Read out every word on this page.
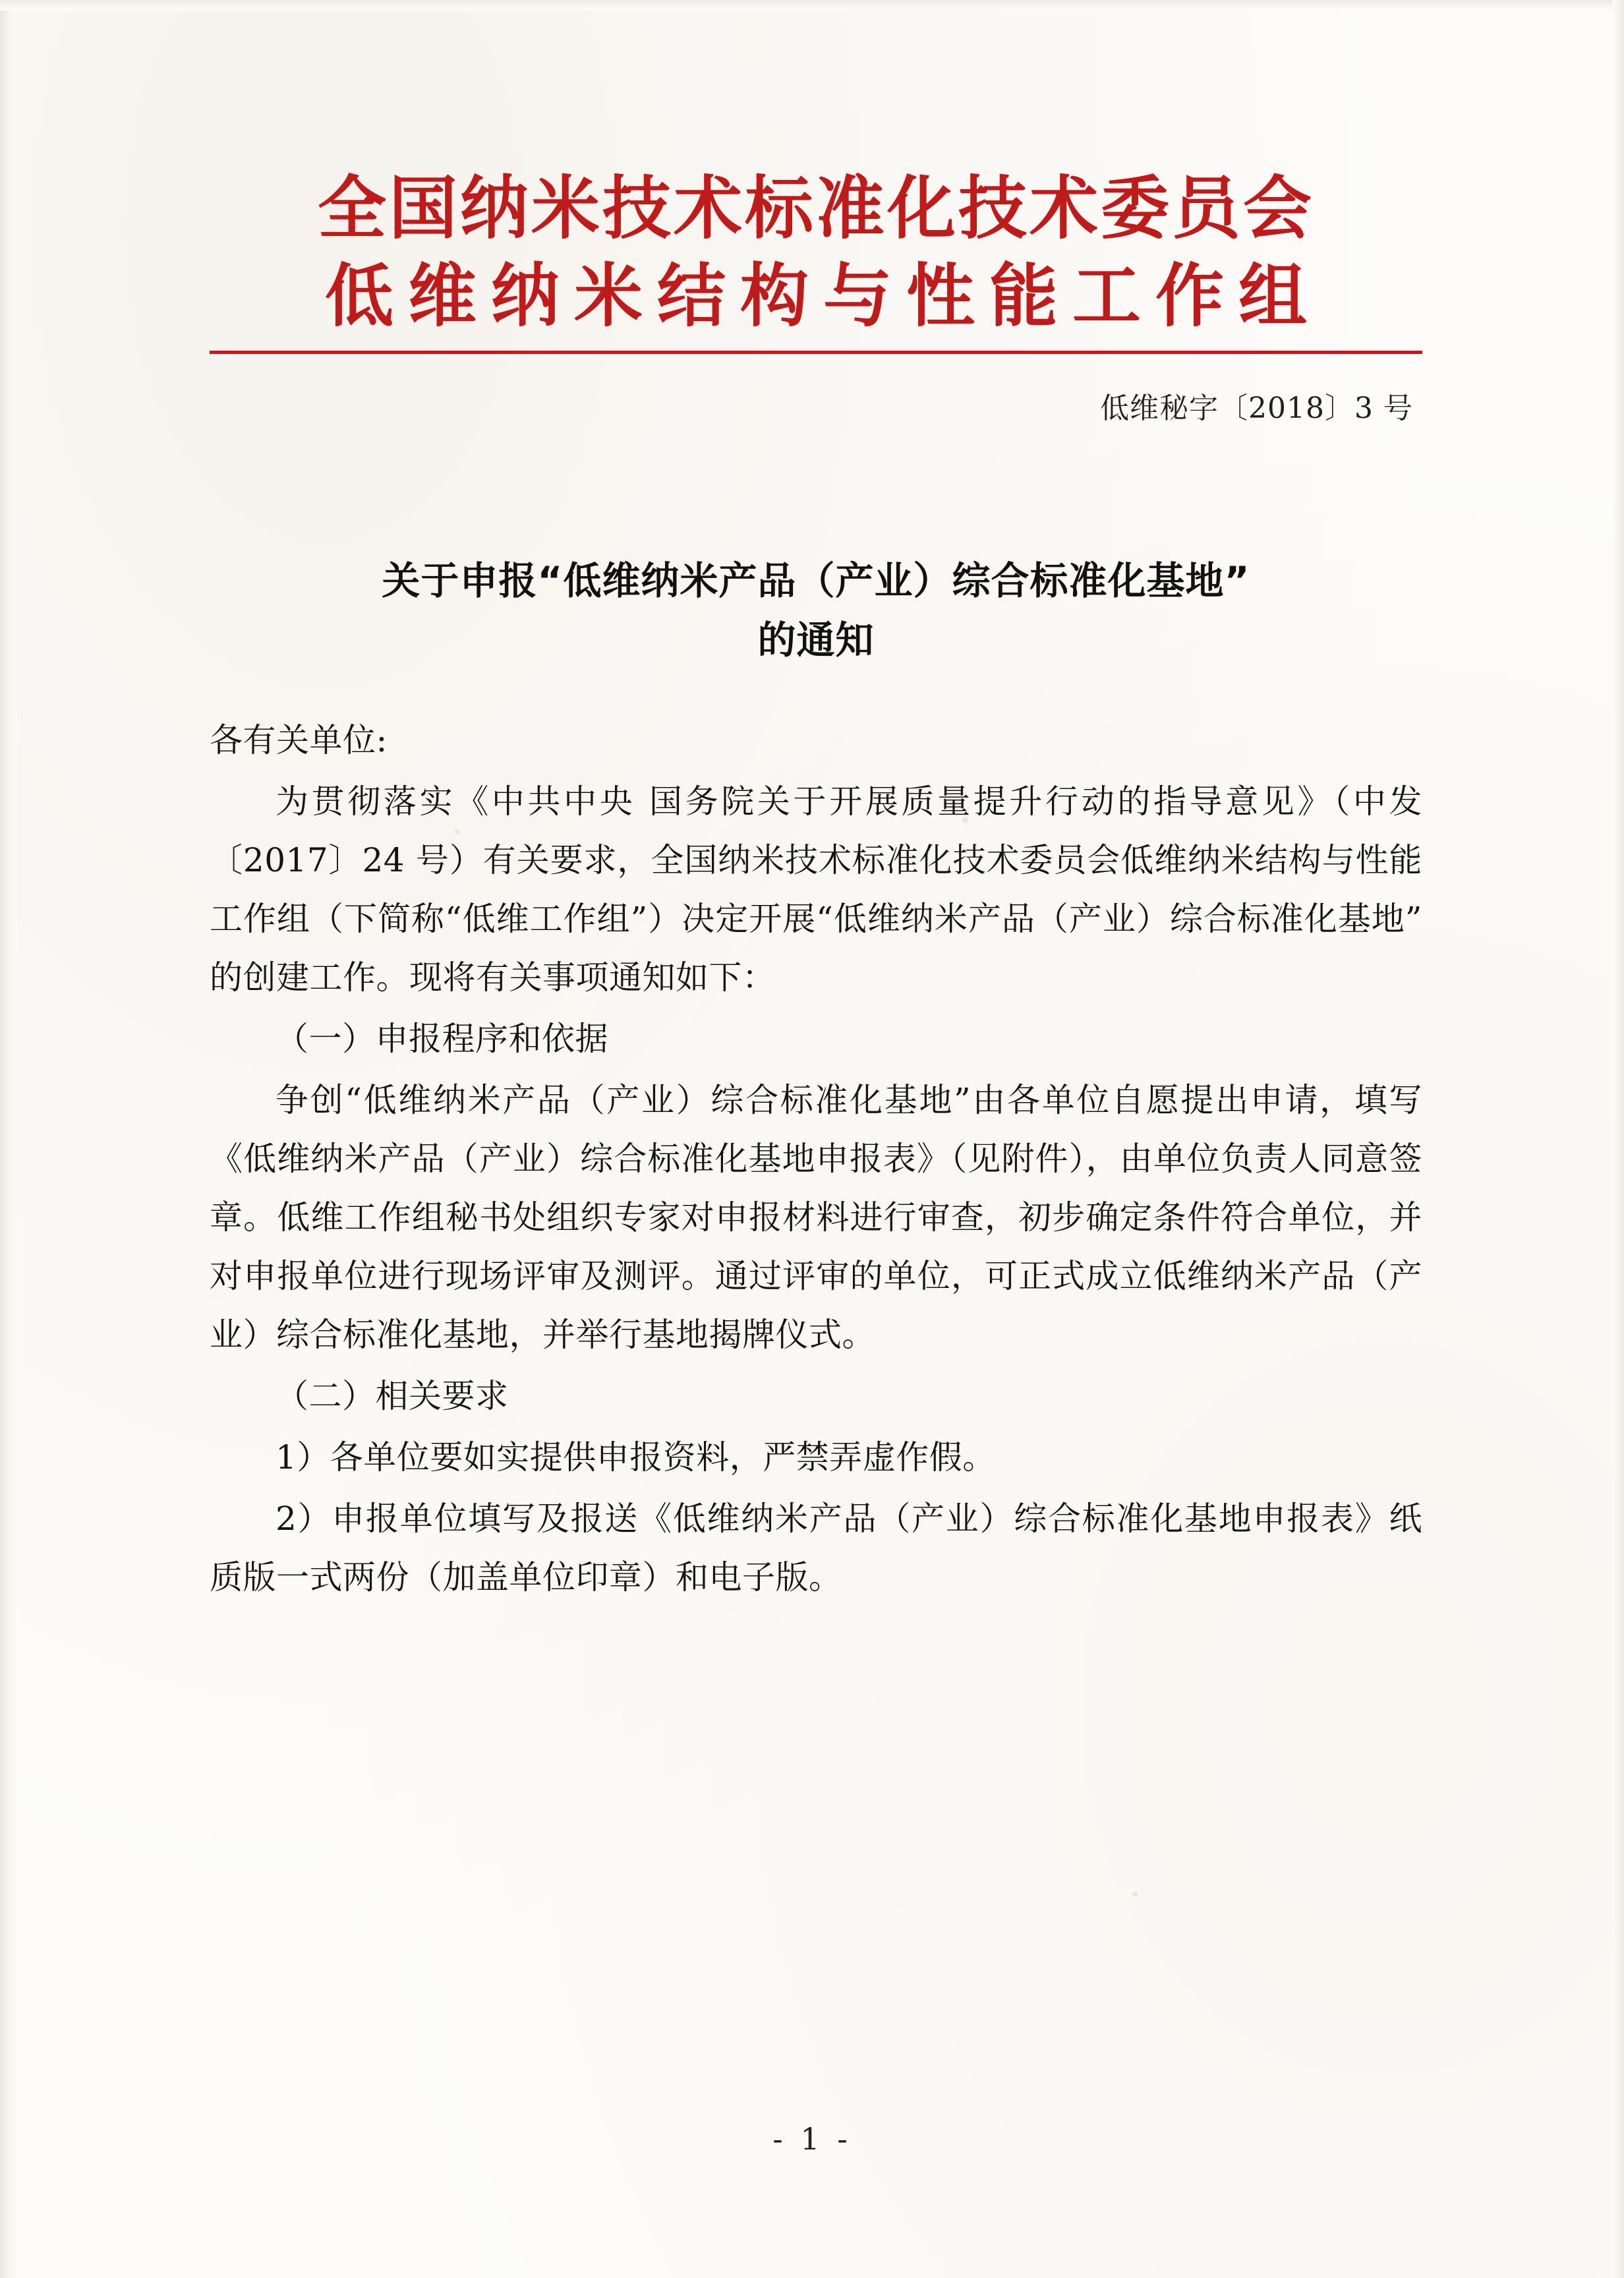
全国纳米技术标准化技术委员会
低维纳米结构与性能工作组
低维秘字〔2018〕3 号
关于申报“低维纳米产品（产业）综合标准化基地”
的通知

各有关单位:

为贯彻落实《中共中央 国务院关于开展质量提升行动的指导意见》（中发〔2017〕24 号）有关要求，全国纳米技术标准化技术委员会低维纳米结构与性能工作组（下简称“低维工作组”）决定开展“低维纳米产品（产业）综合标准化基地”的创建工作。现将有关事项通知如下：

（一）申报程序和依据

争创“低维纳米产品（产业）综合标准化基地”由各单位自愿提出申请，填写《低维纳米产品（产业）综合标准化基地申报表》（见附件），由单位负责人同意签章。低维工作组秘书处组织专家对申报材料进行审查，初步确定条件符合单位，并对申报单位进行现场评审及测评。通过评审的单位，可正式成立低维纳米产品（产业）综合标准化基地，并举行基地揭牌仪式。

（二）相关要求

1）各单位要如实提供申报资料，严禁弄虚作假。

2）申报单位填写及报送《低维纳米产品（产业）综合标准化基地申报表》纸质版一式两份（加盖单位印章）和电子版。

- 1 -
